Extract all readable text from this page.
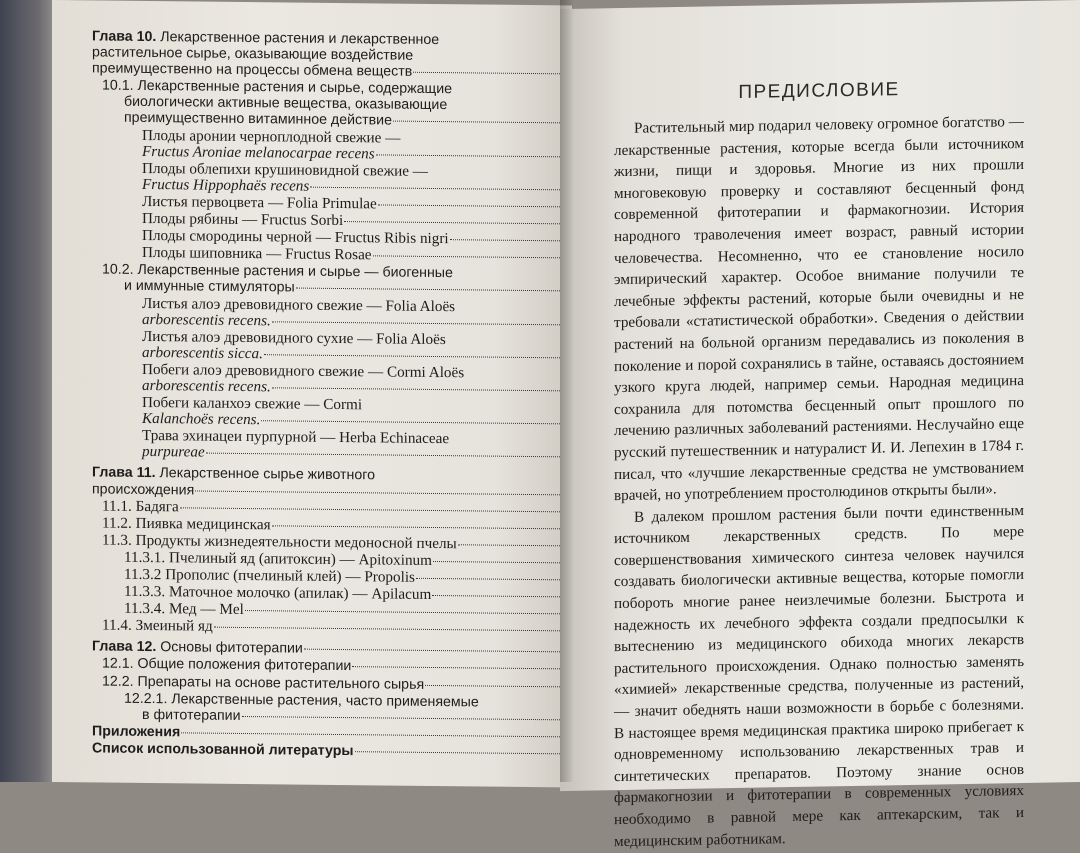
Глава 10. Лекарственное растения и лекарственное
растительное сырье, оказывающие воздействие
преимущественно на процессы обмена веществ
10.1. Лекарственные растения и сырье, содержащие
биологически активные вещества, оказывающие
преимущественно витаминное действие
Плоды аронии черноплодной свежие —
Fructus Aroniae melanocarpae recens
Плоды облепихи крушиновидной свежие —
Fructus Hippophaës recens
Листья первоцвета — Folia Primulae
Плоды рябины — Fructus Sorbi
Плоды смородины черной — Fructus Ribis nigri
Плоды шиповника — Fructus Rosae
10.2. Лекарственные растения и сырье — биогенные
и иммунные стимуляторы
Листья алоэ древовидного свежие — Folia Aloës
arborescentis recens.
Листья алоэ древовидного сухие — Folia Aloës
arborescentis sicca.
Побеги алоэ древовидного свежие — Cormi Aloës
arborescentis recens.
Побеги каланхоэ свежие — Cormi
Kalanchoës recens.
Трава эхинацеи пурпурной — Herba Echinaceae
purpureae
Глава 11. Лекарственное сырье животного
происхождения
11.1. Бадяга
11.2. Пиявка медицинская
11.3. Продукты жизнедеятельности медоносной пчелы
11.3.1. Пчелиный яд (апитоксин) — Apitoxinum
11.3.2 Прополис (пчелиный клей) — Propolis
11.3.3. Маточное молочко (апилак) — Apilacum
11.3.4. Мед — Mel
11.4. Змеиный яд
Глава 12. Основы фитотерапии
12.1. Общие положения фитотерапии
12.2. Препараты на основе растительного сырья
12.2.1. Лекарственные растения, часто применяемые
в фитотерапии
Приложения
Список использованной литературы
ПРЕДИСЛОВИЕ

Растительный мир подарил человеку огромное богатство — лекарственные растения, которые всегда были источником жизни, пищи и здоровья. Многие из них прошли многовековую проверку и составляют бесценный фонд современной фитотерапии и фармакогнозии. История народного траволечения имеет возраст, равный истории человечества. Несомненно, что ее становление носило эмпирический характер. Особое внимание получили те лечебные эффекты растений, которые были очевидны и не требовали «статистической обработки». Сведения о действии растений на больной организм передавались из поколения в поколение и порой сохранялись в тайне, оставаясь достоянием узкого круга людей, например семьи. Народная медицина сохранила для потомства бесценный опыт прошлого по лечению различных заболеваний растениями. Неслучайно еще русский путешественник и натуралист И. И. Лепехин в 1784 г. писал, что «лучшие лекарственные средства не умствованием врачей, но употреблением простолюдинов открыты были».

В далеком прошлом растения были почти единственным источником лекарственных средств. По мере совершенствования химического синтеза человек научился создавать биологически активные вещества, которые помогли побороть многие ранее неизлечимые болезни. Быстрота и надежность их лечебного эффекта создали предпосылки к вытеснению из медицинского обихода многих лекарств растительного происхождения. Однако полностью заменять «химией» лекарственные средства, полученные из растений, — значит обеднять наши возможности в борьбе с болезнями. В настоящее время медицинская практика широко прибегает к одновременному использованию лекарственных трав и синтетических препаратов. Поэтому знание основ фармакогнозии и фитотерапии в современных условиях необходимо в равной мере как аптекарским, так и медицинским работникам.
